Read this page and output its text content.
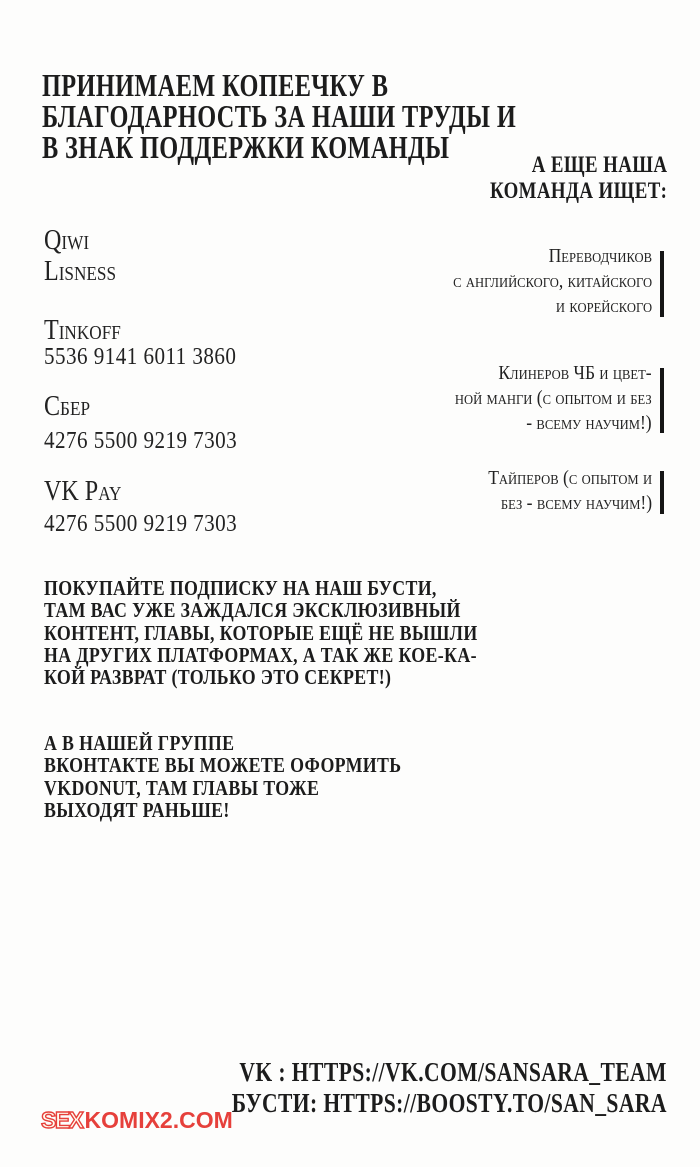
ПРИНИМАЕМ КОПЕЕЧКУ В
БЛАГОДАРНОСТЬ ЗА НАШИ ТРУДЫ И
В ЗНАК ПОДДЕРЖКИ КОМАНДЫ	А ЕЩЕ НАША
КОМАНДА ИЩЕТ:
Qiwi
Lisness
Tinkoff
5536 9141 6011 3860
Сбер
4276 5500 9219 7303
VK Pay
4276 5500 9219 7303
Переводчиков
с английского, китайского
и корейского
Клинеров ЧБ и цвет-
ной манги (с опытом и без
- всему научим!)
Тайперов (с опытом и
без - всему научим!)
ПОКУПАЙТЕ ПОДПИСКУ НА НАШ БУСТИ,
ТАМ ВАС УЖЕ ЗАЖДАЛСЯ ЭКСКЛЮЗИВНЫЙ
КОНТЕНТ, ГЛАВЫ, КОТОРЫЕ ЕЩЁ НЕ ВЫШЛИ
НА ДРУГИХ ПЛАТФОРМАХ, А ТАК ЖЕ КОЕ-КА-
КОЙ РАЗВРАТ (ТОЛЬКО ЭТО СЕКРЕТ!)
А В НАШЕЙ ГРУППЕ
ВКОНТАКТЕ ВЫ МОЖЕТЕ ОФОРМИТЬ
VKDONUT, ТАМ ГЛАВЫ ТОЖЕ
ВЫХОДЯТ РАНЬШЕ!
VK : HTTPS://VK.COM/SANSARA_TEAM
БУСТИ: HTTPS://BOOSTY.TO/SAN_SARA
SEXKOMIX2.COM
